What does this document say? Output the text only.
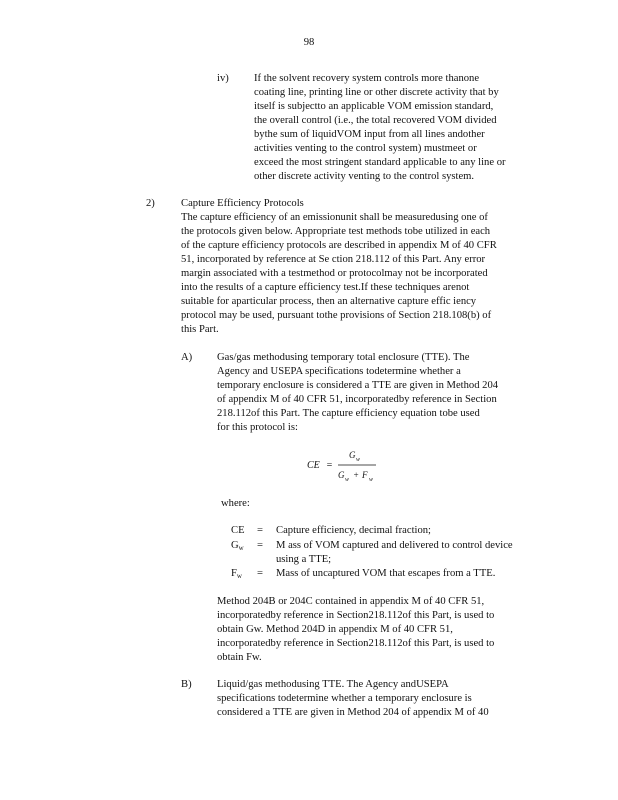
98
iv) If the solvent recovery system controls more thanone
coating line, printing line or other discrete activity that by
itself is subjectto an applicable VOM emission standard,
the overall control (i.e., the total recovered VOM divided
bythe sum of liquidVOM input from all lines andother
activities venting to the control system) mustmeet or
exceed the most stringent standard applicable to any line or
other discrete activity venting to the control system.
2) Capture Efficiency Protocols
The capture efficiency of an emissionunit shall be measuredusing one of
the protocols given below. Appropriate test methods tobe utilized in each
of the capture efficiency protocols are described in appendix M of 40 CFR
51, incorporated by reference at Se ction 218.112 of this Part. Any error
margin associated with a testmethod or protocolmay not be incorporated
into the results of a capture efficiency test.If these techniques arenot
suitable for aparticular process, then an alternative capture effic iency
protocol may be used, pursuant tothe provisions of Section 218.108(b) of
this Part.
A) Gas/gas methodusing temporary total enclosure (TTE). The
Agency and USEPA specifications todetermine whether a
temporary enclosure is considered a TTE are given in Method 204
of appendix M of 40 CFR 51, incorporatedby reference in Section
218.112of this Part. The capture efficiency equation tobe used
for this protocol is:
CE =
G w
G w + F w
where:
CE = Capture efficiency, decimal fraction;
$G_w = M$ ass of VOM captured and delivered to control device
using a TTE;
$F_w$ = Mass of uncaptured VOM that escapes from a TTE.
Method 204B or 204C contained in appendix M of 40 CFR 51,
incorporatedby reference in Section218.112of this Part, is used to
obtain Gw. Method 204D in appendix M of 40 CFR 51,
incorporatedby reference in Section218.112of this Part, is used to
obtain Fw.
B) Liquid/gas methodusing TTE. The Agency andUSEPA
specifications todetermine whether a temporary enclosure is
considered a TTE are given in Method 204 of appendix M of 40
